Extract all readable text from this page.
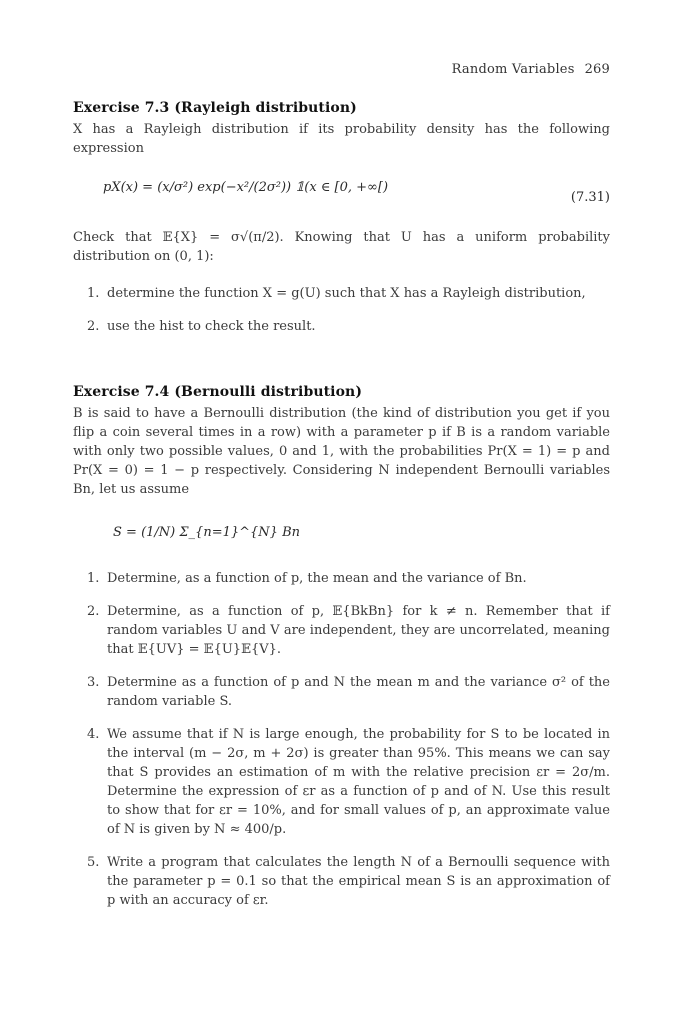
Random Variables 269
Exercise 7.3 (Rayleigh distribution)
X has a Rayleigh distribution if its probability density has the following expression
pX(x) = (x/σ²) exp(−x²/(2σ²)) 𝟙(x ∈ [0, +∞[)
(7.31)
Check that 𝔼{X} = σ√(π/2). Knowing that U has a uniform probability distribution on (0, 1):
1. determine the function X = g(U) such that X has a Rayleigh distribution,
2. use the hist to check the result.
Exercise 7.4 (Bernoulli distribution)
B is said to have a Bernoulli distribution (the kind of distribution you get if you flip a coin several times in a row) with a parameter p if B is a random variable with only two possible values, 0 and 1, with the probabilities Pr(X = 1) = p and Pr(X = 0) = 1 − p respectively. Considering N independent Bernoulli variables Bn, let us assume
S = (1/N) Σ_{n=1}^{N} Bn
1. Determine, as a function of p, the mean and the variance of Bn.
2. Determine, as a function of p, 𝔼{BkBn} for k ≠ n. Remember that if random variables U and V are independent, they are uncorrelated, meaning that 𝔼{UV} = 𝔼{U}𝔼{V}.
3. Determine as a function of p and N the mean m and the variance σ² of the random variable S.
4. We assume that if N is large enough, the probability for S to be located in the interval (m − 2σ, m + 2σ) is greater than 95%. This means we can say that S provides an estimation of m with the relative precision εr = 2σ/m. Determine the expression of εr as a function of p and of N. Use this result to show that for εr = 10%, and for small values of p, an approximate value of N is given by N ≈ 400/p.
5. Write a program that calculates the length N of a Bernoulli sequence with the parameter p = 0.1 so that the empirical mean S is an approximation of p with an accuracy of εr.
